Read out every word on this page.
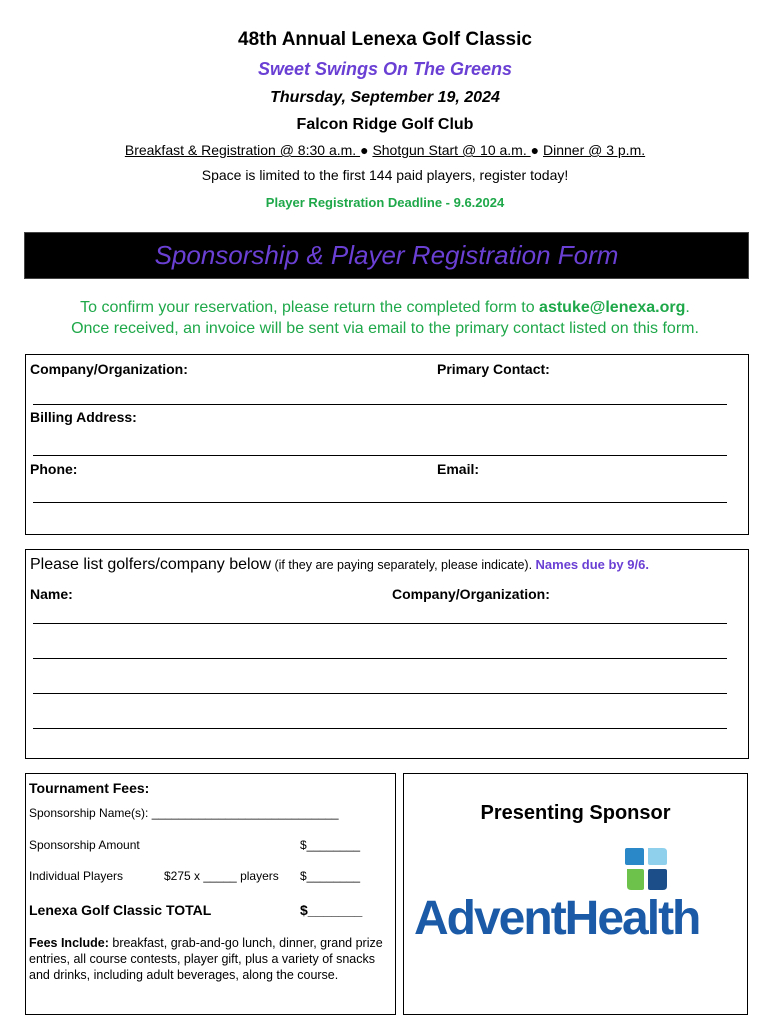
48th Annual Lenexa Golf Classic
Sweet Swings On The Greens
Thursday, September 19, 2024
Falcon Ridge Golf Club
Breakfast & Registration @ 8:30 a.m. ● Shotgun Start @ 10 a.m. ● Dinner @ 3 p.m.
Space is limited to the first 144 paid players, register today!
Player Registration Deadline - 9.6.2024
Sponsorship & Player Registration Form
To confirm your reservation, please return the completed form to astuke@lenexa.org.
Once received, an invoice will be sent via email to the primary contact listed on this form.
Company/Organization:	Primary Contact:
Billing Address:
Phone:	Email:
Please list golfers/company below (if they are paying separately, please indicate). Names due by 9/6.
Name:	Company/Organization:
Tournament Fees:
Sponsorship Name(s): ____________________________
Sponsorship Amount	$________
Individual Players	$275 x _____ players $________
Lenexa Golf Classic TOTAL	$_______
Fees Include: breakfast, grab-and-go lunch, dinner, grand prize entries, all course contests, player gift, plus a variety of snacks and drinks, including adult beverages, along the course.
Presenting Sponsor
AdventHealth
